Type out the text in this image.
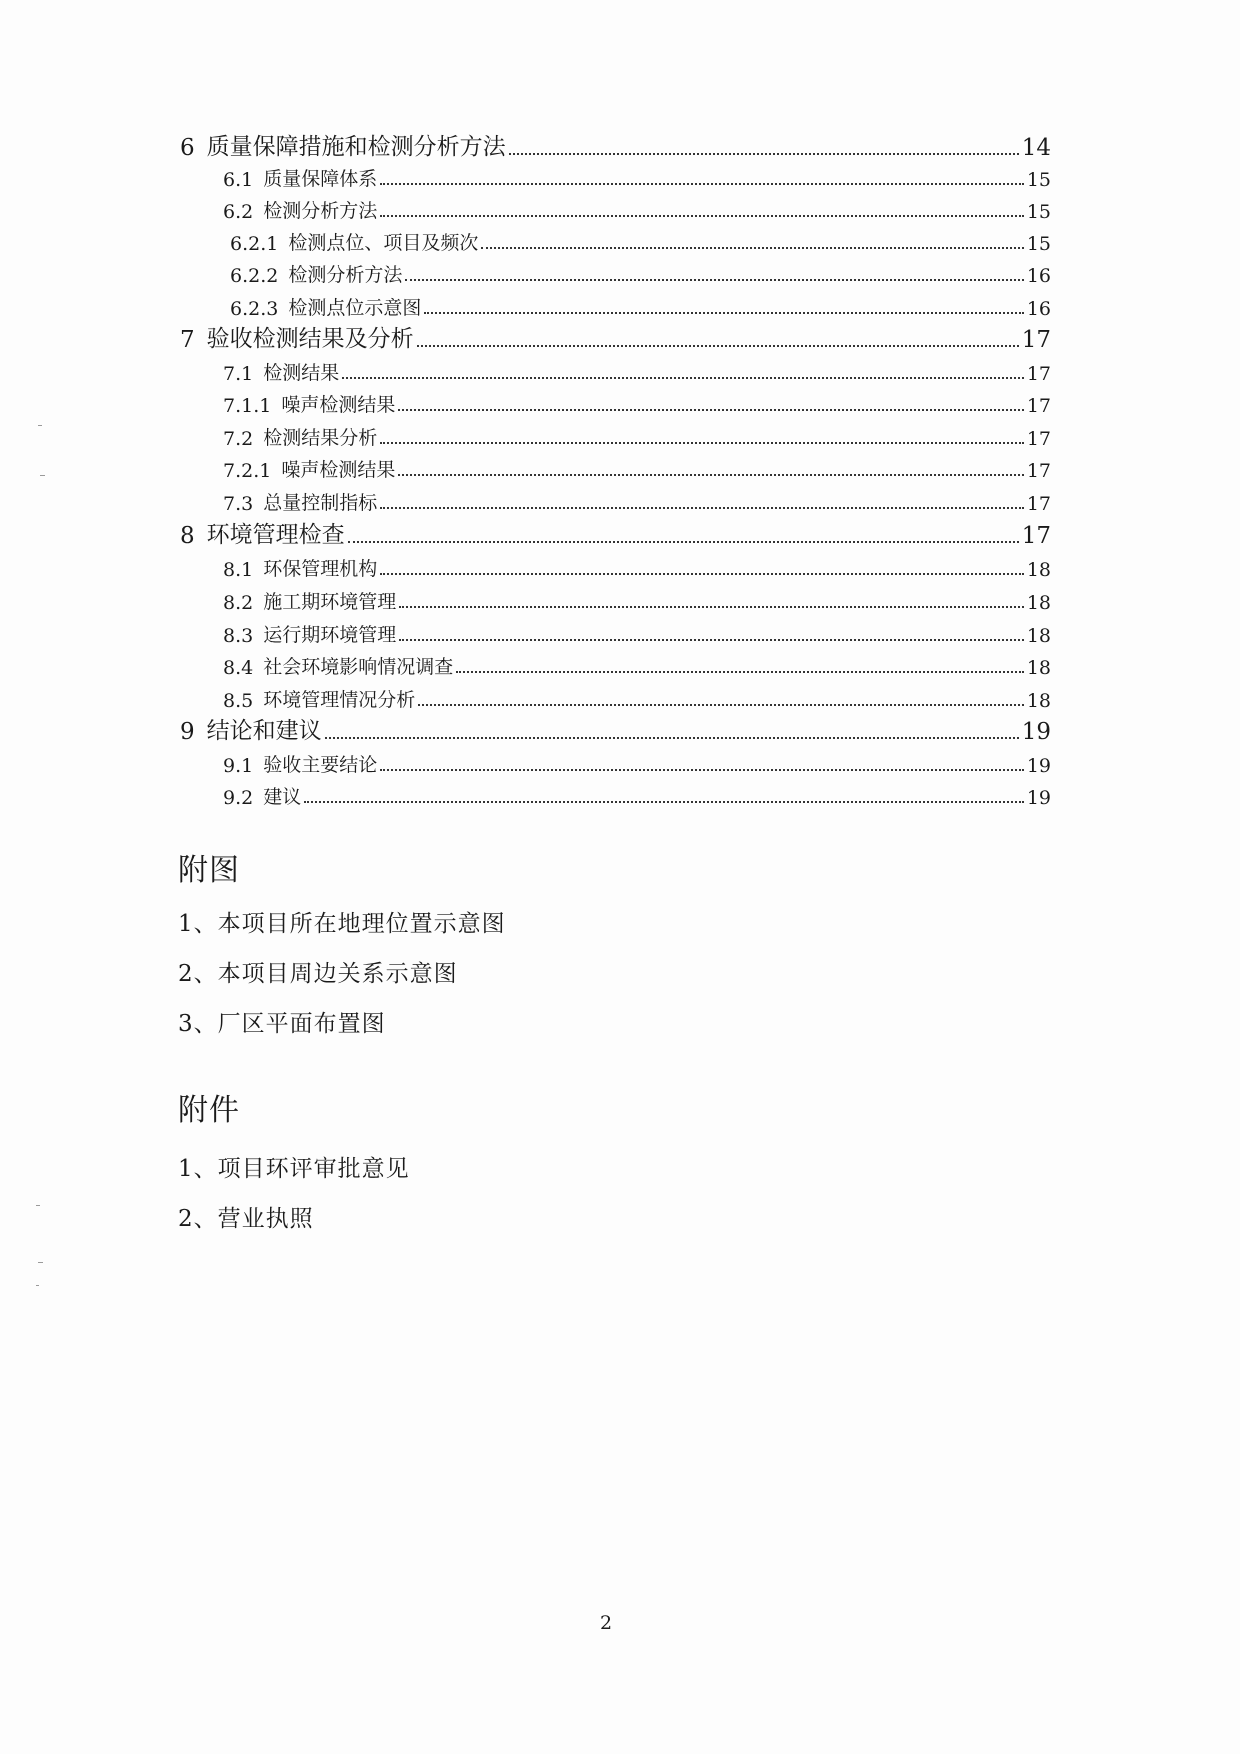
6 质量保障措施和检测分析方法	14
6.1 质量保障体系	15
6.2 检测分析方法	15
6.2.1 检测点位、项目及频次	15
6.2.2 检测分析方法	16
6.2.3 检测点位示意图	16
7 验收检测结果及分析	17
7.1 检测结果	17
7.1.1 噪声检测结果	17
7.2 检测结果分析	17
7.2.1 噪声检测结果	17
7.3 总量控制指标	17
8 环境管理检查	17
8.1 环保管理机构	18
8.2 施工期环境管理	18
8.3 运行期环境管理	18
8.4 社会环境影响情况调查	18
8.5 环境管理情况分析	18
9 结论和建议	19
9.1 验收主要结论	19
9.2 建议	19
附图
1、本项目所在地理位置示意图
2、本项目周边关系示意图
3、厂区平面布置图
附件
1、项目环评审批意见
2、营业执照
2
